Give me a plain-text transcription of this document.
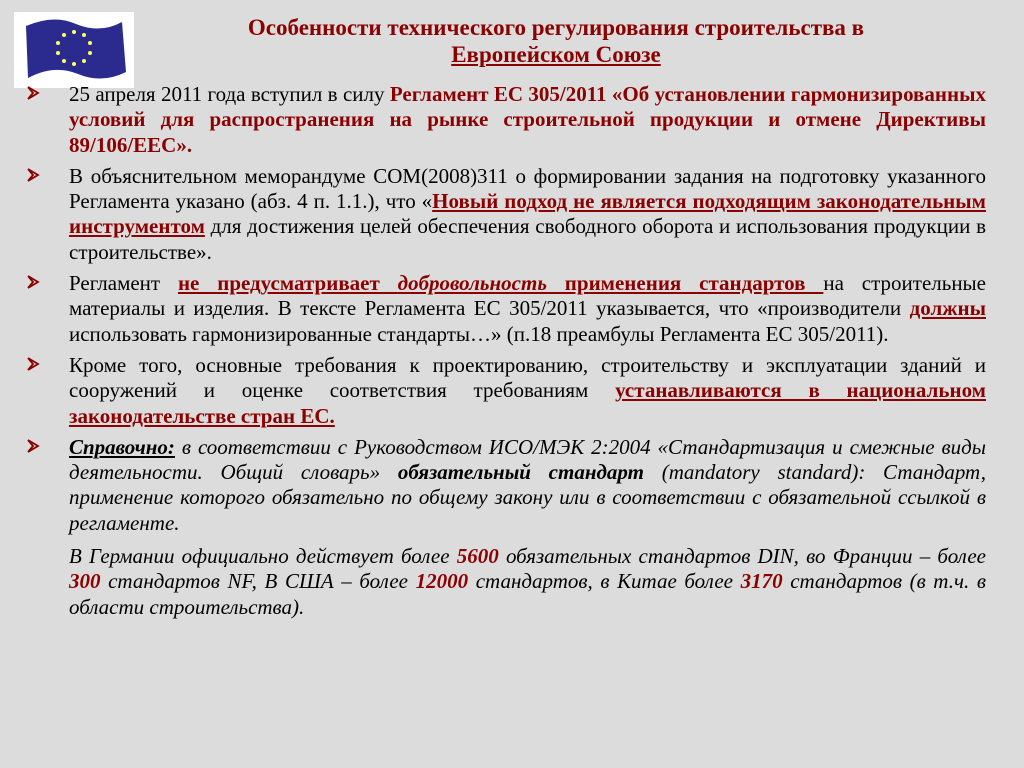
Особенности технического регулирования строительства в
Европейском Союзе
25 апреля 2011 года вступил в силу Регламент ЕС 305/2011 «Об установлении гармонизированных условий для распространения на рынке строительной продукции и отмене Директивы 89/106/EEC».
В объяснительном меморандуме СОМ(2008)311 о формировании задания на подготовку указанного Регламента указано (абз. 4 п. 1.1.), что «Новый подход не является подходящим законодательным инструментом для достижения целей обеспечения свободного оборота и использования продукции в строительстве».
Регламент не предусматривает добровольность применения стандартов на строительные материалы и изделия. В тексте Регламента ЕС 305/2011 указывается, что «производители должны использовать гармонизированные стандарты…» (п.18 преамбулы Регламента ЕС 305/2011).
Кроме того, основные требования к проектированию, строительству и эксплуатации зданий и сооружений и оценке соответствия требованиям устанавливаются в национальном законодательстве стран ЕС.
Справочно: в соответствии с Руководством ИСО/МЭК 2:2004 «Стандартизация и смежные виды деятельности. Общий словарь» обязательный стандарт (mandatory standard): Стандарт, применение которого обязательно по общему закону или в соответствии с обязательной ссылкой в регламенте.
В Германии официально действует более 5600 обязательных стандартов DIN, во Франции – более 300 стандартов NF, В США – более 12000 стандартов, в Китае более 3170 стандартов (в т.ч. в области строительства).
